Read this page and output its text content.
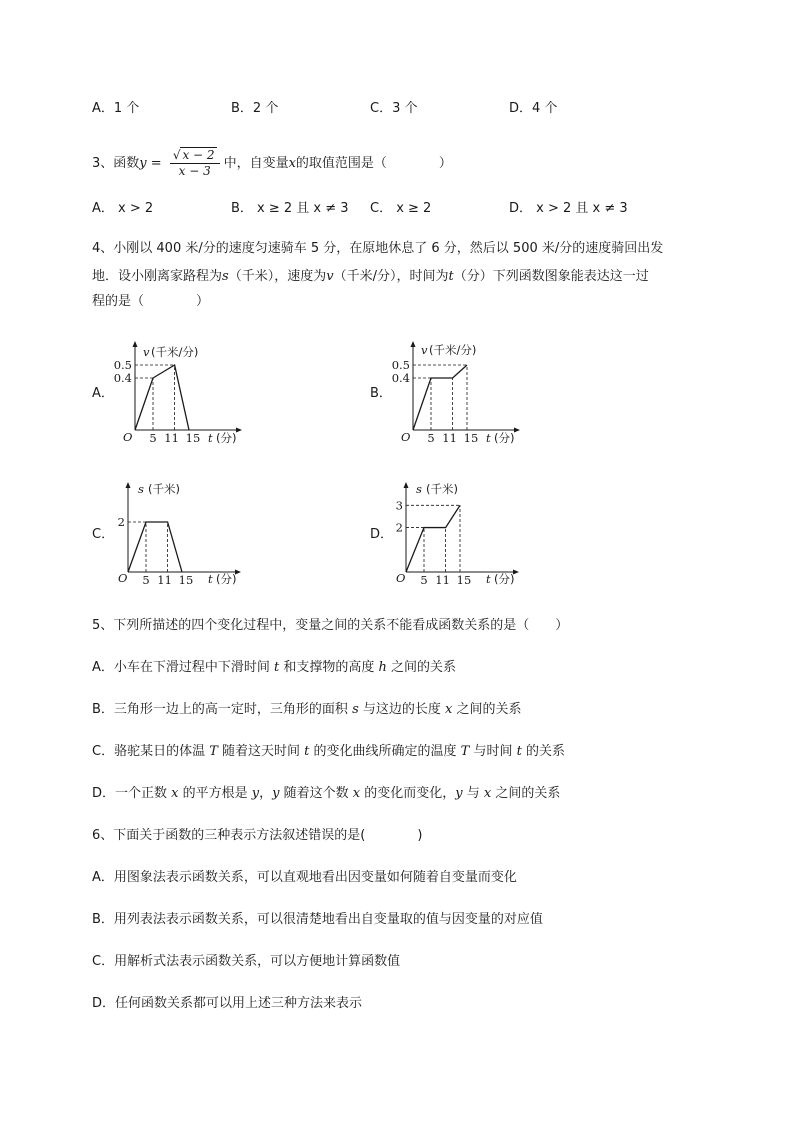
A．1 个	B．2 个	C．3 个	D．4 个
3、函数$y = \frac{√ x - 2}{x - 3}$ 中，自变量x的取值范围是（　　　　）
A． x > 2	B． x ≥ 2 且 x ≠ 3 C． x ≥ 2	D． x > 2 且 x ≠ 3
4、小刚以 400 米/分的速度匀速骑车 5 分，在原地休息了 6 分，然后以 500 米/分的速度骑回出发
地．设小刚离家路程为s（千米），速度为v（千米/分），时间为t（分）下列函数图象能表达这一过
程的是（　　　　）
A．	B．
C．	D．
v (千米/分)
0.5
0.4
O 5 11 15 t (分)
v (千米/分)
0.5
0.4
O 5 11 15 t (分)
s (千米)
2
O 5 11 15 t (分)
s (千米)
3
2
O 5 11 15 t (分)
5、下列所描述的四个变化过程中，变量之间的关系不能看成函数关系的是（　　）
A．小车在下滑过程中下滑时间 t 和支撑物的高度 h 之间的关系
B．三角形一边上的高一定时，三角形的面积 s 与这边的长度 x 之间的关系
C．骆驼某日的体温 T 随着这天时间 t 的变化曲线所确定的温度 T 与时间 t 的关系
D．一个正数 x 的平方根是 y，y 随着这个数 x 的变化而变化，y 与 x 之间的关系
6、下面关于函数的三种表示方法叙述错误的是(　　　　)
A．用图象法表示函数关系，可以直观地看出因变量如何随着自变量而变化
B．用列表法表示函数关系，可以很清楚地看出自变量取的值与因变量的对应值
C．用解析式法表示函数关系，可以方便地计算函数值
D．任何函数关系都可以用上述三种方法来表示
